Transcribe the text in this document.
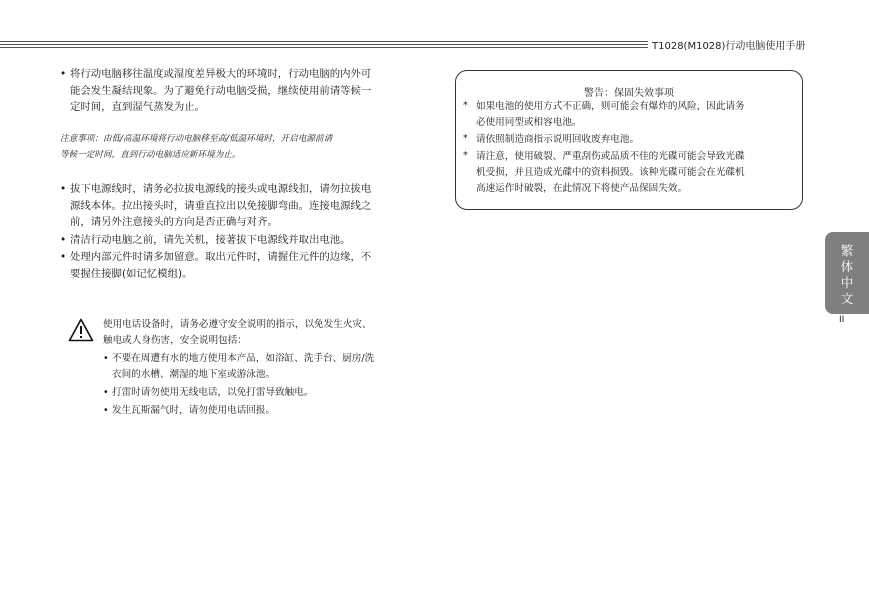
T1028(M1028)行动电脑使用手册

• 将行动电脑移往温度或湿度差异极大的环境时，行动电脑的内外可
能会发生凝结现象。为了避免行动电脑受损，继续使用前请等候一
定时间，直到湿气蒸发为止。

注意事项：由低/高温环境将行动电脑移至高/低温环境时，开启电源前请
等候一定时间，直到行动电脑适应新环境为止。

• 拔下电源线时，请务必拉拔电源线的接头或电源线扣，请勿拉拔电
源线本体。拉出接头时，请垂直拉出以免接脚弯曲。连接电源线之
前，请另外注意接头的方向是否正确与对齐。

• 清洁行动电脑之前，请先关机，接著拔下电源线并取出电池。

• 处理内部元件时请多加留意。取出元件时，请握住元件的边缘，不
要握住接脚(如记忆模组)。

使用电话设备时，请务必遵守安全说明的指示，以免发生火灾、
触电或人身伤害，安全说明包括：

• 不要在周遭有水的地方使用本产品，如浴缸、洗手台、厨房/洗
衣间的水槽、潮湿的地下室或游泳池。

• 打雷时请勿使用无线电话，以免打雷导致触电。

• 发生瓦斯漏气时，请勿使用电话回报。

警告：保固失效事项

* 如果电池的使用方式不正确，则可能会有爆炸的风险，因此请务
必使用同型或相容电池。

* 请依照制造商指示说明回收废弃电池。

* 请注意，使用破裂、严重刮伤或品质不佳的光碟可能会导致光碟
机受损，并且造成光碟中的资料损毁。该种光碟可能会在光碟机
高速运作时破裂，在此情况下将使产品保固失效。

繁
体
中
文
II
